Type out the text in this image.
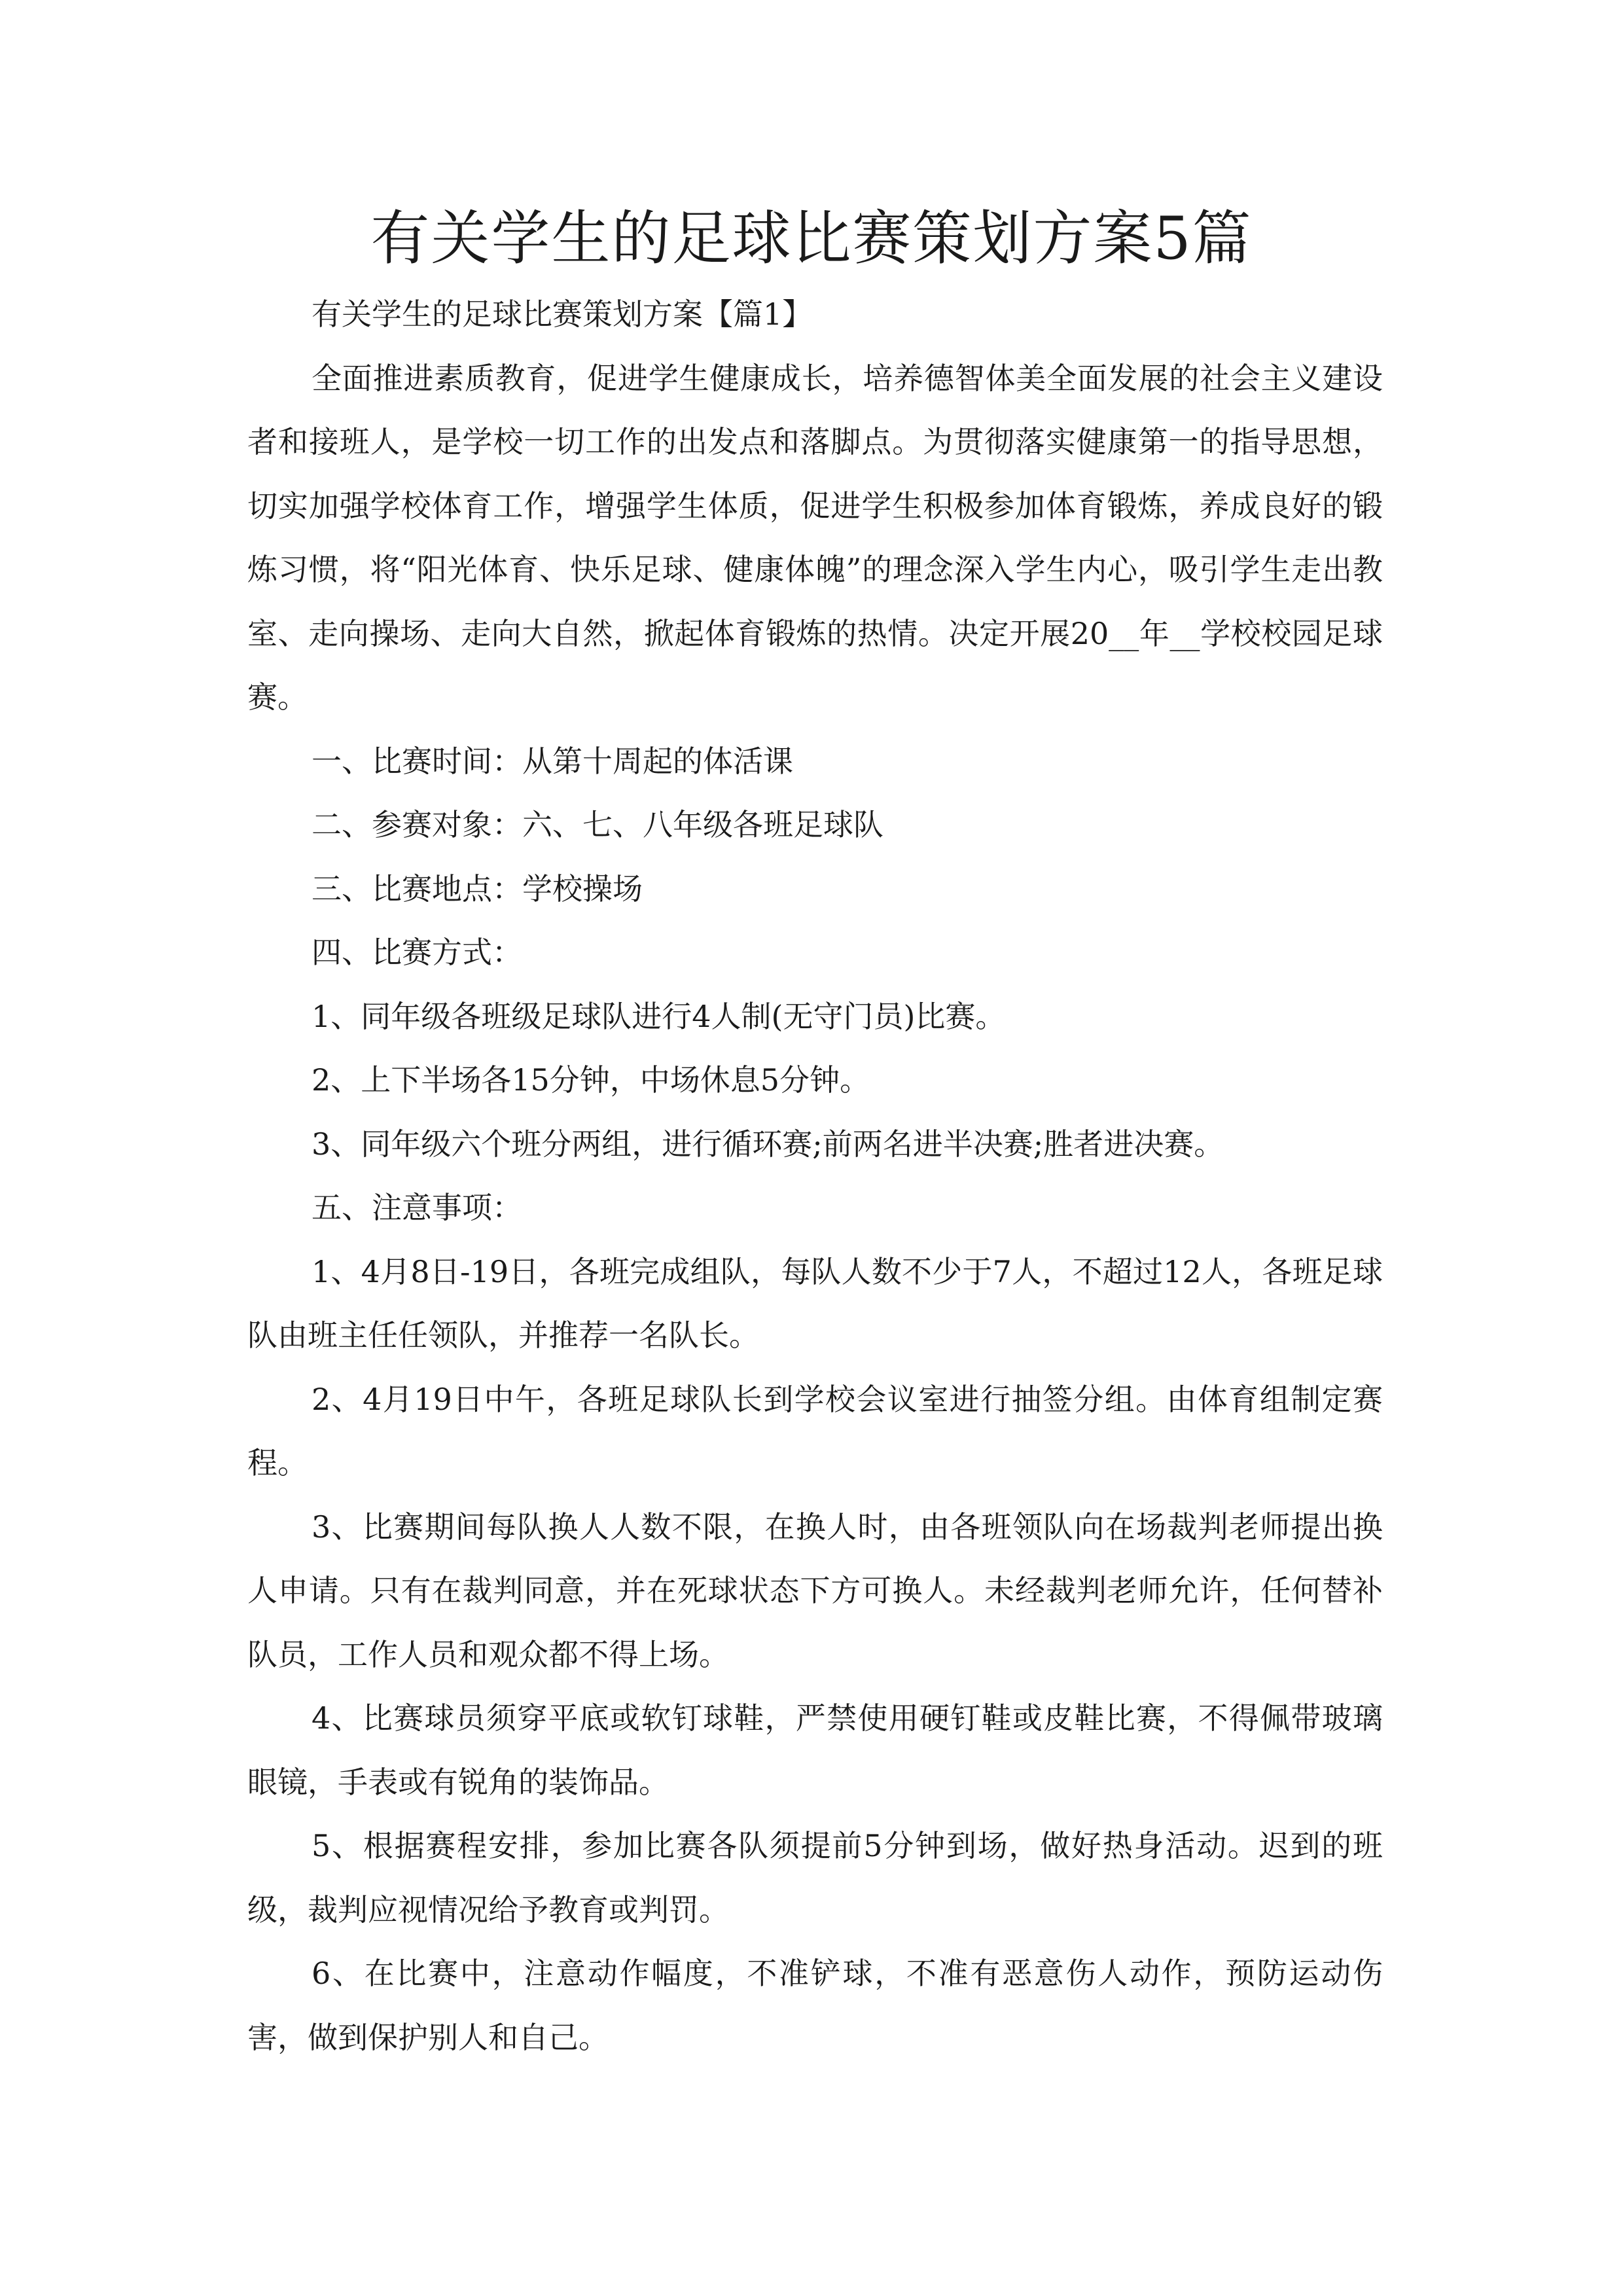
有关学生的足球比赛策划方案5篇

有关学生的足球比赛策划方案【篇1】

全面推进素质教育，促进学生健康成长，培养德智体美全面发展的社会主义建设者和接班人，是学校一切工作的出发点和落脚点。为贯彻落实健康第一的指导思想，切实加强学校体育工作，增强学生体质，促进学生积极参加体育锻炼，养成良好的锻炼习惯，将“阳光体育、快乐足球、健康体魄”的理念深入学生内心，吸引学生走出教室、走向操场、走向大自然，掀起体育锻炼的热情。决定开展20__年__学校校园足球赛。

一、比赛时间：从第十周起的体活课

二、参赛对象：六、七、八年级各班足球队

三、比赛地点：学校操场

四、比赛方式：

1、同年级各班级足球队进行4人制(无守门员)比赛。

2、上下半场各15分钟，中场休息5分钟。

3、同年级六个班分两组，进行循环赛;前两名进半决赛;胜者进决赛。

五、注意事项：

1、4月8日-19日，各班完成组队，每队人数不少于7人，不超过12人，各班足球队由班主任任领队，并推荐一名队长。

2、4月19日中午，各班足球队长到学校会议室进行抽签分组。由体育组制定赛程。

3、比赛期间每队换人人数不限，在换人时，由各班领队向在场裁判老师提出换人申请。只有在裁判同意，并在死球状态下方可换人。未经裁判老师允许，任何替补队员，工作人员和观众都不得上场。

4、比赛球员须穿平底或软钉球鞋，严禁使用硬钉鞋或皮鞋比赛，不得佩带玻璃眼镜，手表或有锐角的装饰品。

5、根据赛程安排，参加比赛各队须提前5分钟到场，做好热身活动。迟到的班级，裁判应视情况给予教育或判罚。

6、在比赛中，注意动作幅度，不准铲球，不准有恶意伤人动作，预防运动伤害，做到保护别人和自己。
